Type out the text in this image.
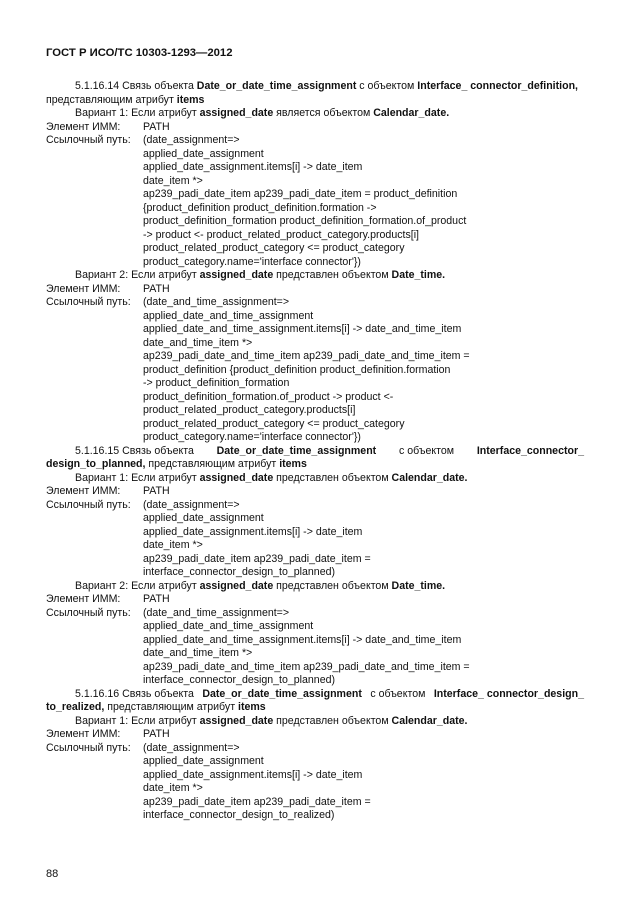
ГОСТ Р ИСО/ТС 10303-1293—2012
5.1.16.14 Связь объекта Date_or_date_time_assignment с объектом Interface_ connector_definition,
представляющим атрибут items
Вариант 1: Если атрибут assigned_date является объектом Calendar_date.
Элемент ИММ:	PATH
Ссылочный путь:	(date_assignment=>
applied_date_assignment
applied_date_assignment.items[i] -> date_item
date_item *>
ap239_padi_date_item ap239_padi_date_item = product_definition
{product_definition product_definition.formation ->
product_definition_formation product_definition_formation.of_product
-> product <- product_related_product_category.products[i]
product_related_product_category <= product_category
product_category.name='interface connector'})
Вариант 2: Если атрибут assigned_date представлен объектом Date_time.
Элемент ИММ:	PATH
Ссылочный путь:	(date_and_time_assignment=>
applied_date_and_time_assignment
applied_date_and_time_assignment.items[i] -> date_and_time_item
date_and_time_item *>
ap239_padi_date_and_time_item ap239_padi_date_and_time_item =
product_definition {product_definition product_definition.formation
-> product_definition_formation
product_definition_formation.of_product -> product <-
product_related_product_category.products[i]
product_related_product_category <= product_category
product_category.name='interface connector'})
5.1.16.15 Связь объекта Date_or_date_time_assignment с объектом Interface_connector_
design_to_planned, представляющим атрибут items
Вариант 1: Если атрибут assigned_date представлен объектом Calendar_date.
Элемент ИММ:	PATH
Ссылочный путь:	(date_assignment=>
applied_date_assignment
applied_date_assignment.items[i] -> date_item
date_item *>
ap239_padi_date_item ap239_padi_date_item =
interface_connector_design_to_planned)
Вариант 2: Если атрибут assigned_date представлен объектом Date_time.
Элемент ИММ:	PATH
Ссылочный путь:	(date_and_time_assignment=>
applied_date_and_time_assignment
applied_date_and_time_assignment.items[i] -> date_and_time_item
date_and_time_item *>
ap239_padi_date_and_time_item ap239_padi_date_and_time_item =
interface_connector_design_to_planned)
5.1.16.16 Связь объекта Date_or_date_time_assignment с объектом Interface_ connector_design_
to_realized, представляющим атрибут items
Вариант 1: Если атрибут assigned_date представлен объектом Calendar_date.
Элемент ИММ:	PATH
Ссылочный путь:	(date_assignment=>
applied_date_assignment
applied_date_assignment.items[i] -> date_item
date_item *>
ap239_padi_date_item ap239_padi_date_item =
interface_connector_design_to_realized)
88
